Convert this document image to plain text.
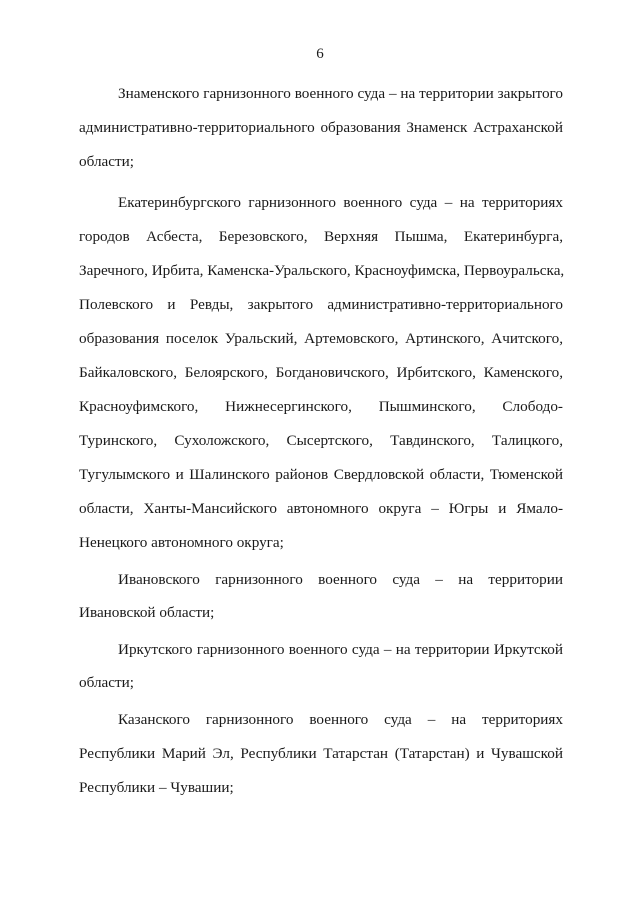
6
Знаменского гарнизонного военного суда – на территории закрытого
административно-территориального образования Знаменск Астраханской
области;
Екатеринбургского гарнизонного военного суда – на территориях
городов Асбеста, Березовского, Верхняя Пышма, Екатеринбурга,
Заречного, Ирбита, Каменска-Уральского, Красноуфимска, Первоуральска,
Полевского и Ревды, закрытого административно-территориального
образования поселок Уральский, Артемовского, Артинского, Ачитского,
Байкаловского, Белоярского, Богдановичского, Ирбитского, Каменского,
Красноуфимского, Нижнесергинского, Пышминского, Слободо-
Туринского, Сухоложского, Сысертского, Тавдинского, Талицкого,
Тугулымского и Шалинского районов Свердловской области, Тюменской
области, Ханты-Мансийского автономного округа – Югры и Ямало-
Ненецкого автономного округа;
Ивановского гарнизонного военного суда – на территории
Ивановской области;
Иркутского гарнизонного военного суда – на территории Иркутской
области;
Казанского гарнизонного военного суда – на территориях
Республики Марий Эл, Республики Татарстан (Татарстан) и Чувашской
Республики – Чувашии;
